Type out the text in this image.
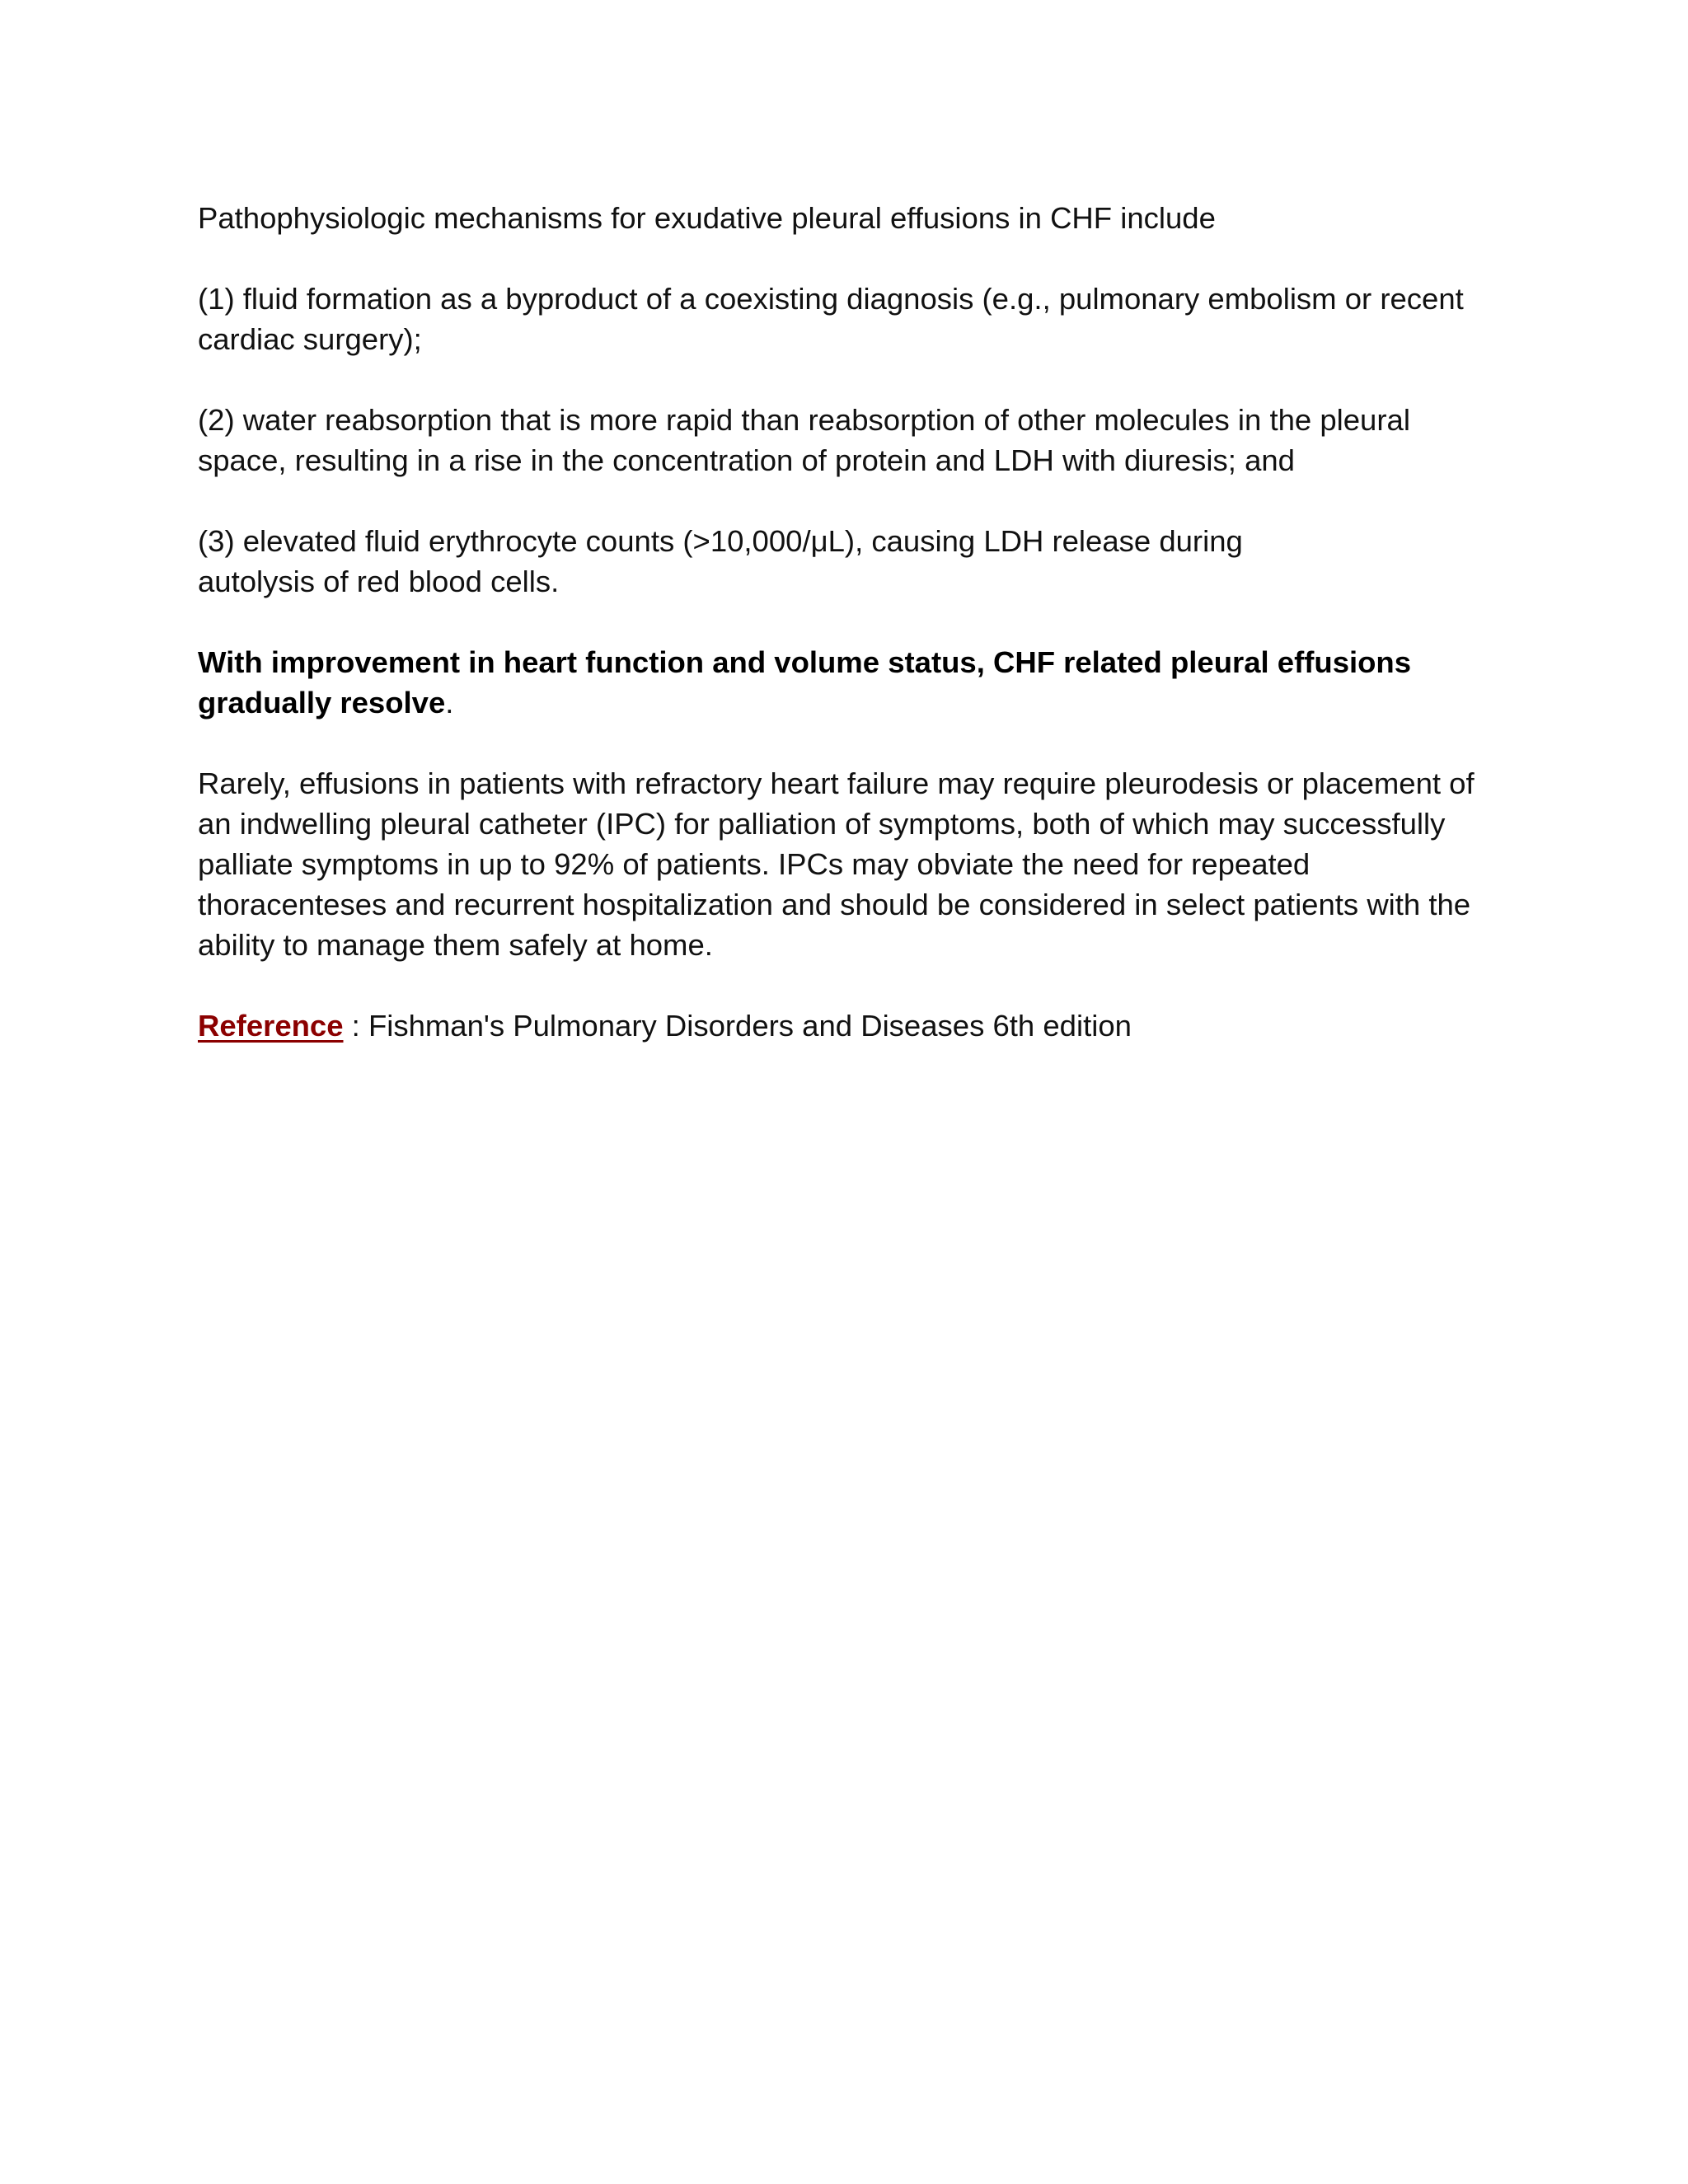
Pathophysiologic mechanisms for exudative pleural effusions in CHF include

(1) fluid formation as a byproduct of a coexisting diagnosis (e.g., pulmonary embolism or recent cardiac surgery);

(2) water reabsorption that is more rapid than reabsorption of other molecules in the pleural space, resulting in a rise in the concentration of protein and LDH with diuresis; and

(3) elevated fluid erythrocyte counts (>10,000/μL), causing LDH release during
autolysis of red blood cells.

With improvement in heart function and volume status, CHF related pleural effusions gradually resolve.

Rarely, effusions in patients with refractory heart failure may require pleurodesis or placement of an indwelling pleural catheter (IPC) for palliation of symptoms, both of which may successfully palliate symptoms in up to 92% of patients. IPCs may obviate the need for repeated thoracenteses and recurrent hospitalization and should be considered in select patients with the ability to manage them safely at home.

Reference : Fishman's Pulmonary Disorders and Diseases 6th edition
